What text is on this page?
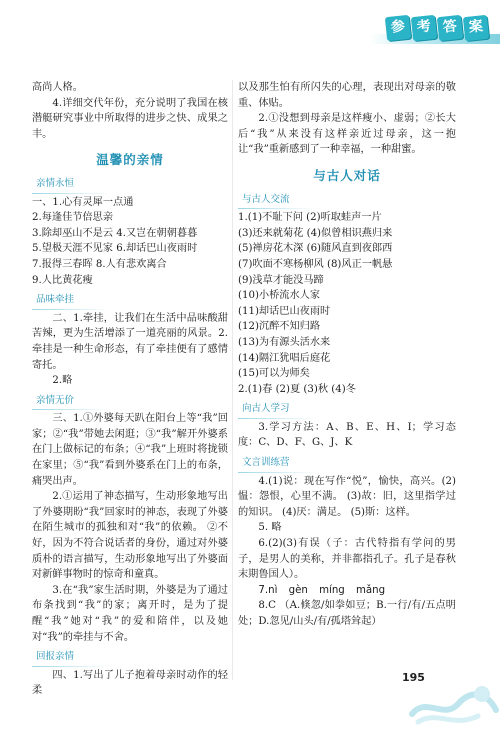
参 考 答 案

高尚人格。

4.详细交代年份，充分说明了我国在核潜艇研究事业中所取得的进步之快、成果之丰。

温馨的亲情
亲情永恒

一、1.心有灵犀一点通

2.每逢佳节倍思亲

3.除却巫山不是云 4.又岂在朝朝暮暮

5.望极天涯不见家 6.却话巴山夜雨时

7.报得三春晖 8.人有悲欢离合

9.人比黄花瘦

品味牵挂

二、1.牵挂，让我们在生活中品味酸甜苦辣，更为生活增添了一道亮丽的风景。2.牵挂是一种生命形态，有了牵挂便有了感情寄托。

2.略

亲情无价

三、1.①外婆每天趴在阳台上等“我”回家；②“我”带她去闲逛；③“我”解开外婆系在门上做标记的布条；④“我”上班时将拢锁在家里；⑤“我”看到外婆系在门上的布条，痛哭出声。

2.①运用了神态描写，生动形象地写出了外婆期盼“我”回家时的神态，表现了外婆在陌生城市的孤独和对“我”的依赖。 ②不好，因为不符合说话者的身份，通过对外婆质朴的语言描写，生动形象地写出了外婆面对新鲜事物时的惊奇和童真。

3.在“我”家生活时期，外婆是为了通过布条找到“我”的家；离开时，是为了提醒“我”她对“我”的爱和陪伴，以及她对“我”的牵挂与不舍。

回报亲情

四、1.写出了儿子抱着母亲时动作的轻柔

以及那生怕有所闪失的心理，表现出对母亲的敬重、体贴。

2.①没想到母亲是这样瘦小、虚弱；②长大后“我”从来没有这样亲近过母亲，这一抱让“我”重新感到了一种幸福，一种甜蜜。

与古人对话
与古人交流

1.(1)不耻下问 (2)听取蛙声一片

(3)还来就菊花 (4)似曾相识燕归来

(5)禅房花木深 (6)随风直到夜郎西

(7)吹面不寒杨柳风 (8)风正一帆悬

(9)浅草才能没马蹄

(10)小桥流水人家

(11)却话巴山夜雨时

(12)沉醉不知归路

(13)为有源头活水来

(14)隔江犹唱后庭花

(15)可以为师矣

2.(1)春 (2)夏 (3)秋 (4)冬

向古人学习

3.学习方法：A、B、E、H、I；学习态度：C、D、F、G、J、K

文言训练营

4.(1)说：现在写作“悦”，愉快，高兴。(2)愠：怨恨，心里不满。 (3)故：旧，这里指学过的知识。 (4)厌：满足。 (5)斯：这样。

5. 略

6.(2)(3)有误（子：古代特指有学问的男子，是男人的美称，并非都指孔子。孔子是春秋末期鲁国人）。

7.nì gèn míng mǎng

8.C （A.倏忽/如拳如豆；B.一行/有/五点明处；D.忽见/山头/有/孤塔耸起）

195
